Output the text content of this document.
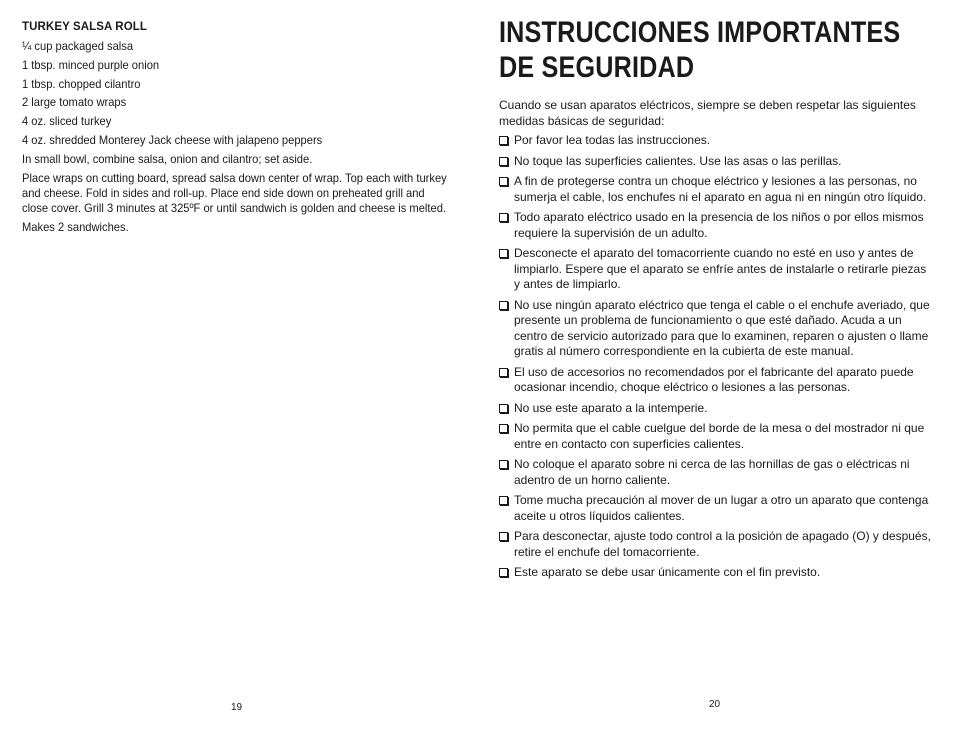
TURKEY SALSA ROLL
¼ cup packaged salsa
1 tbsp. minced purple onion
1 tbsp. chopped cilantro
2 large tomato wraps
4 oz. sliced turkey
4 oz. shredded Monterey Jack cheese with jalapeno peppers
In small bowl, combine salsa, onion and cilantro; set aside.
Place wraps on cutting board, spread salsa down center of wrap. Top each with turkey and cheese. Fold in sides and roll-up. Place end side down on preheated grill and close cover. Grill 3 minutes at 325ºF or until sandwich is golden and cheese is melted.
Makes 2 sandwiches.
19
INSTRUCCIONES IMPORTANTES
DE SEGURIDAD
Cuando se usan aparatos eléctricos, siempre se deben respetar las siguientes medidas básicas de seguridad:
Por favor lea todas las instrucciones.
No toque las superficies calientes. Use las asas o las perillas.
A fin de protegerse contra un choque eléctrico y lesiones a las personas, no sumerja el cable, los enchufes ni el aparato en agua ni en ningún otro líquido.
Todo aparato eléctrico usado en la presencia de los niños o por ellos mismos requiere la supervisión de un adulto.
Desconecte el aparato del tomacorriente cuando no esté en uso y antes de limpiarlo. Espere que el aparato se enfríe antes de instalarle o retirarle piezas y antes de limpiarlo.
No use ningún aparato eléctrico que tenga el cable o el enchufe averiado, que presente un problema de funcionamiento o que esté dañado. Acuda a un centro de servicio autorizado para que lo examinen, reparen o ajusten o llame gratis al número correspondiente en la cubierta de este manual.
El uso de accesorios no recomendados por el fabricante del aparato puede ocasionar incendio, choque eléctrico o lesiones a las personas.
No use este aparato a la intemperie.
No permita que el cable cuelgue del borde de la mesa o del mostrador ni que entre en contacto con superficies calientes.
No coloque el aparato sobre ni cerca de las hornillas de gas o eléctricas ni adentro de un horno caliente.
Tome mucha precaución al mover de un lugar a otro un aparato que contenga aceite u otros líquidos calientes.
Para desconectar, ajuste todo control a la posición de apagado (O) y después, retire el enchufe del tomacorriente.
Este aparato se debe usar únicamente con el fin previsto.
20
